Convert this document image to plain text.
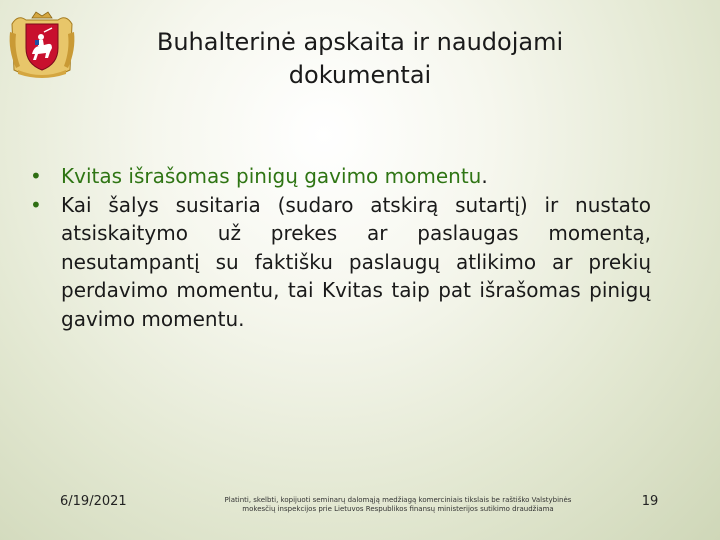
Buhalterinė apskaita ir naudojami dokumentai
• Kvitas išrašomas pinigų gavimo momentu.
• Kai šalys susitaria (sudaro atskirą sutartį) ir nustato atsiskaitymo už prekes ar paslaugas momentą, nesutampantį su faktišku paslaugų atlikimo ar prekių perdavimo momentu, tai Kvitas taip pat išrašomas pinigų gavimo momentu.
6/19/2021	Platinti, skelbti, kopijuoti seminarų dalomąją medžiagą komerciniais tikslais be raštiško Valstybinės
mokesčių inspekcijos prie Lietuvos Respublikos finansų ministerijos sutikimo draudžiama	19
